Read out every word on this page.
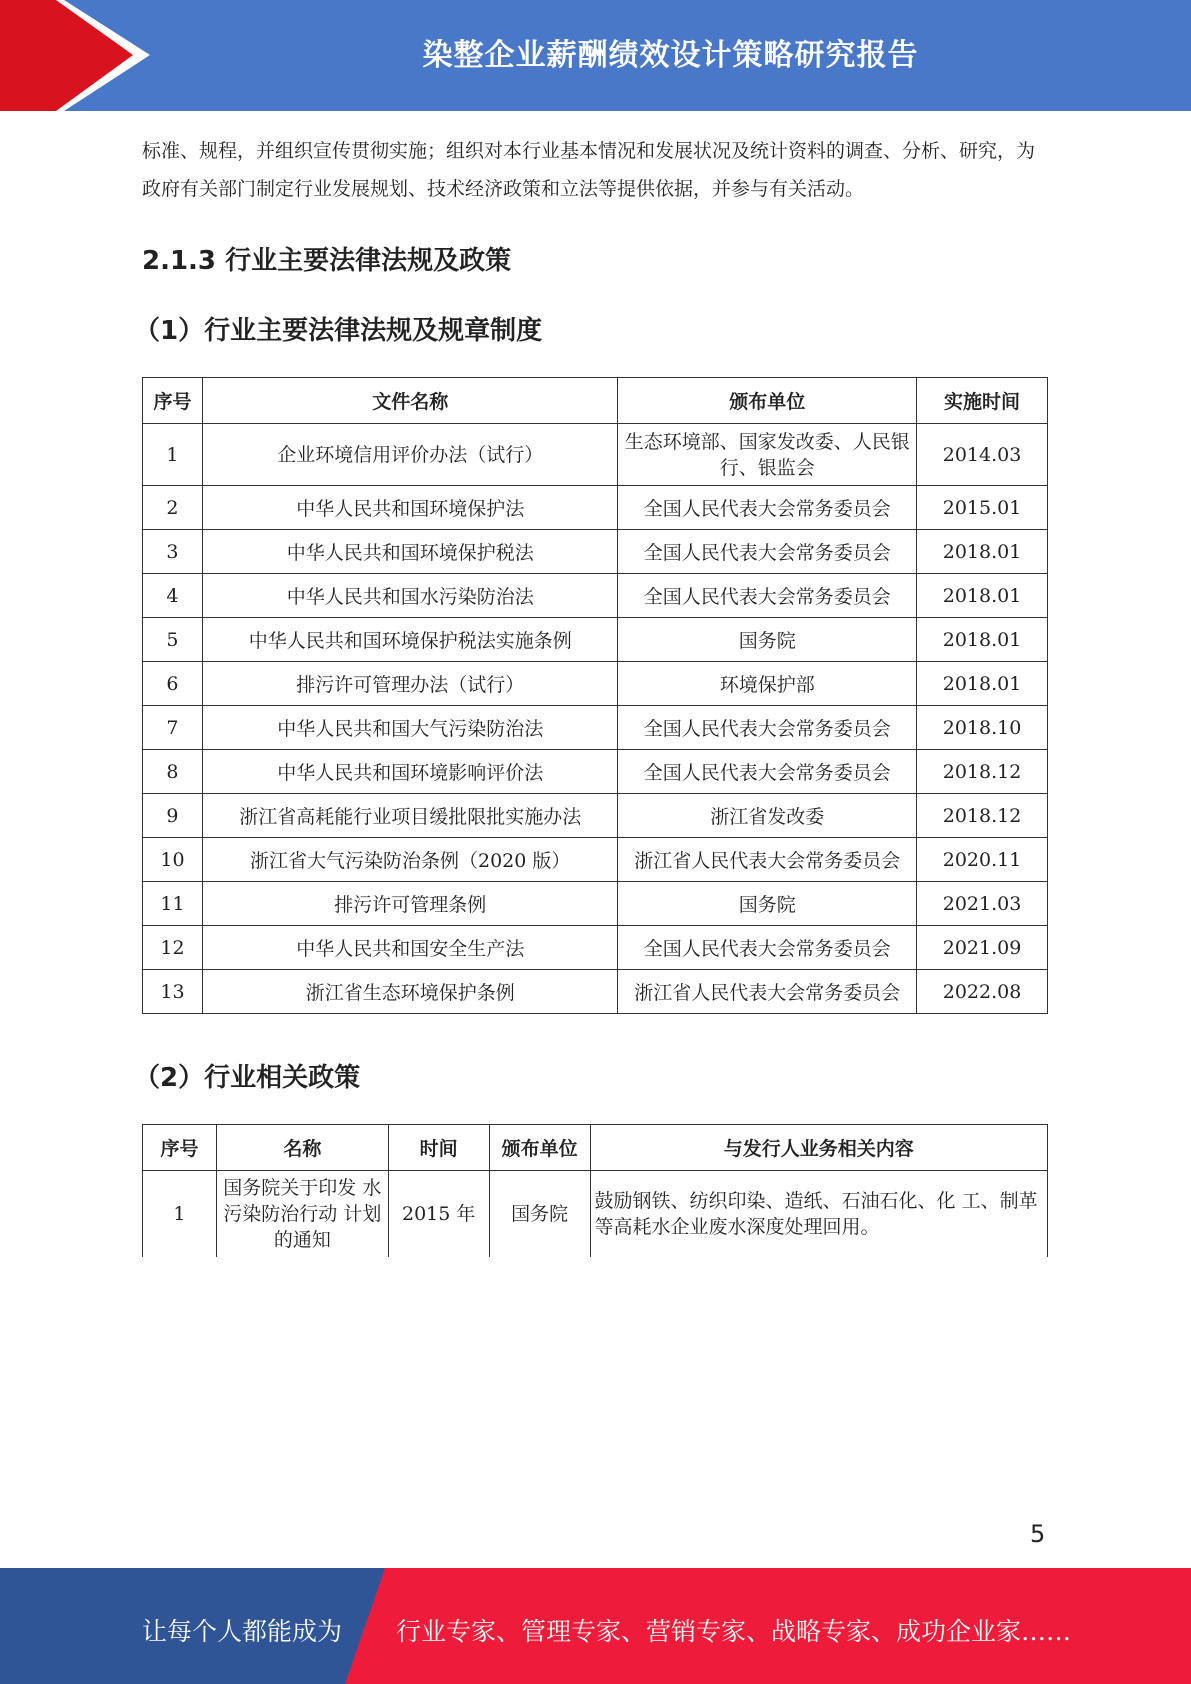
染整企业薪酬绩效设计策略研究报告

标准、规程，并组织宣传贯彻实施；组织对本行业基本情况和发展状况及统计资料的调查、分析、研究，为政府有关部门制定行业发展规划、技术经济政策和立法等提供依据，并参与有关活动。

2.1.3 行业主要法律法规及政策
（1）行业主要法律法规及规章制度
序号	文件名称	颁布单位	实施时间
1	企业环境信用评价办法（试行）	生态环境部、国家发改委、人民银行、银监会	2014.03
2	中华人民共和国环境保护法	全国人民代表大会常务委员会	2015.01
3	中华人民共和国环境保护税法	全国人民代表大会常务委员会	2018.01
4	中华人民共和国水污染防治法	全国人民代表大会常务委员会	2018.01
5	中华人民共和国环境保护税法实施条例	国务院	2018.01
6	排污许可管理办法（试行）	环境保护部	2018.01
7	中华人民共和国大气污染防治法	全国人民代表大会常务委员会	2018.10
8	中华人民共和国环境影响评价法	全国人民代表大会常务委员会	2018.12
9	浙江省高耗能行业项目缓批限批实施办法	浙江省发改委	2018.12
10	浙江省大气污染防治条例（2020 版）	浙江省人民代表大会常务委员会	2020.11
11	排污许可管理条例	国务院	2021.03
12	中华人民共和国安全生产法	全国人民代表大会常务委员会	2021.09
13	浙江省生态环境保护条例	浙江省人民代表大会常务委员会	2022.08
（2）行业相关政策
序号	名称	时间	颁布单位	与发行人业务相关内容
1	国务院关于印发 水污染防治行动 计划的通知	2015 年	国务院	鼓励钢铁、纺织印染、造纸、石油石化、化 工、制革等高耗水企业废水深度处理回用。
5
让每个人都能成为 行业专家、管理专家、营销专家、战略专家、成功企业家……
